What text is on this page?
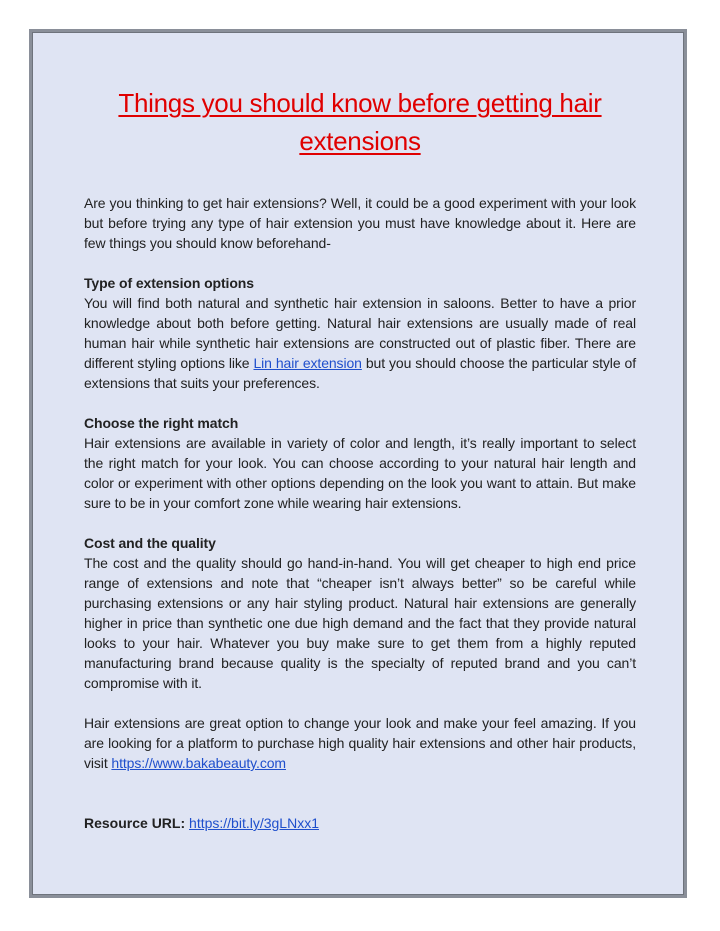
Things you should know before getting hair extensions

Are you thinking to get hair extensions? Well, it could be a good experiment with your look but before trying any type of hair extension you must have knowledge about it. Here are few things you should know beforehand-

Type of extension options
You will find both natural and synthetic hair extension in saloons. Better to have a prior knowledge about both before getting. Natural hair extensions are usually made of real human hair while synthetic hair extensions are constructed out of plastic fiber. There are different styling options like Lin hair extension but you should choose the particular style of extensions that suits your preferences.

Choose the right match
Hair extensions are available in variety of color and length, it’s really important to select the right match for your look. You can choose according to your natural hair length and color or experiment with other options depending on the look you want to attain. But make sure to be in your comfort zone while wearing hair extensions.

Cost and the quality
The cost and the quality should go hand-in-hand. You will get cheaper to high end price range of extensions and note that “cheaper isn’t always better” so be careful while purchasing extensions or any hair styling product. Natural hair extensions are generally higher in price than synthetic one due high demand and the fact that they provide natural looks to your hair. Whatever you buy make sure to get them from a highly reputed manufacturing brand because quality is the specialty of reputed brand and you can’t compromise with it.

Hair extensions are great option to change your look and make your feel amazing. If you are looking for a platform to purchase high quality hair extensions and other hair products, visit https://www.bakabeauty.com

Resource URL: https://bit.ly/3gLNxx1
